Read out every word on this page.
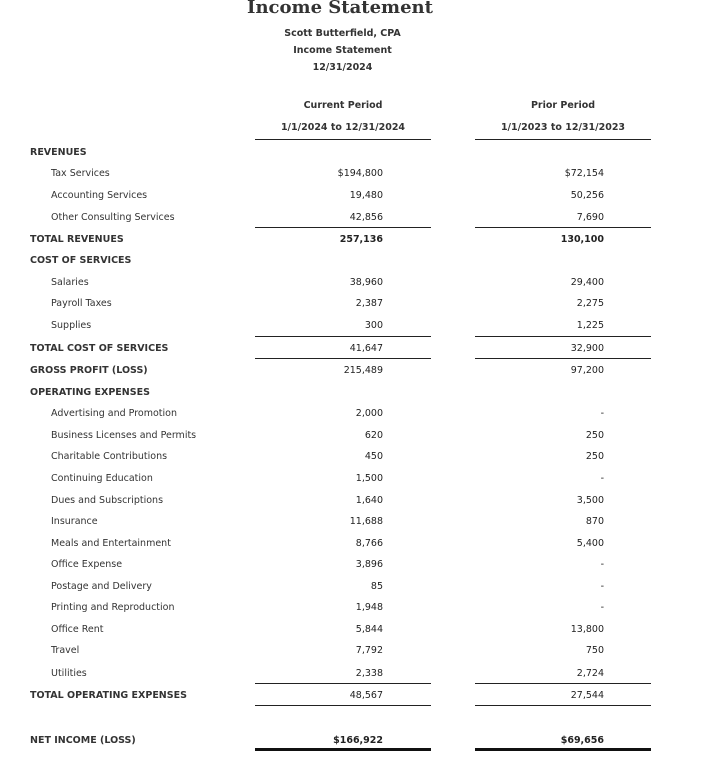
Income Statement
Scott Butterfield, CPA
Income Statement
12/31/2024
Current Period
1/1/2024 to 12/31/2024
Prior Period
1/1/2023 to 12/31/2023
REVENUES
Tax Services	$194,800	$72,154
Accounting Services	19,480	50,256
Other Consulting Services	42,856	7,690
TOTAL REVENUES	257,136	130,100
COST OF SERVICES
Salaries	38,960	29,400
Payroll Taxes	2,387	2,275
Supplies	300	1,225
TOTAL COST OF SERVICES	41,647	32,900
GROSS PROFIT (LOSS)	215,489	97,200
OPERATING EXPENSES
Advertising and Promotion	2,000	-
Business Licenses and Permits	620	250
Charitable Contributions	450	250
Continuing Education	1,500	-
Dues and Subscriptions	1,640	3,500
Insurance	11,688	870
Meals and Entertainment	8,766	5,400
Office Expense	3,896	-
Postage and Delivery	85	-
Printing and Reproduction	1,948	-
Office Rent	5,844	13,800
Travel	7,792	750
Utilities	2,338	2,724
TOTAL OPERATING EXPENSES	48,567	27,544
NET INCOME (LOSS)	$166,922	$69,656
